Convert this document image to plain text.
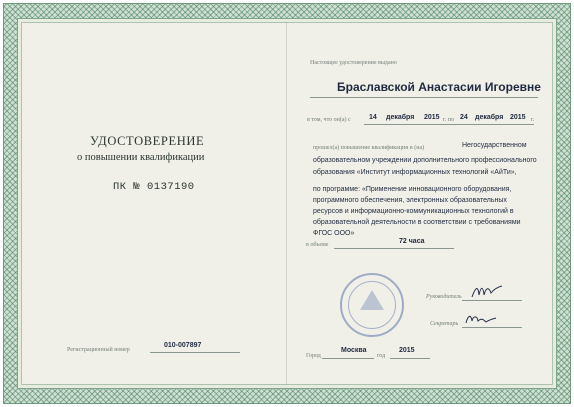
УДОСТОВЕРЕНИЕ
о повышении квалификации
ПК № 0137190
Регистрационный номер
010-007897
Настоящее удостоверение выдано
Браславской Анастасии Игоревне
в том, что он(а) с	14 декабря 2015 г. по 24 декабря 2015 г.
прошел(а) повышение квалификации в (на)	Негосударственном
образовательном учреждении дополнительного профессионального
образования «Институт информационных технологий «АйТи»,
по программе: «Применение инновационного оборудования,
программного обеспечения, электронных образовательных
ресурсов и информационно-коммуникационных технологий в
образовательной деятельности в соответствии с требованиями
ФГОС ООО»
в объеме	72 часа
Руководитель
Секретарь
Город
Москва
год
2015
